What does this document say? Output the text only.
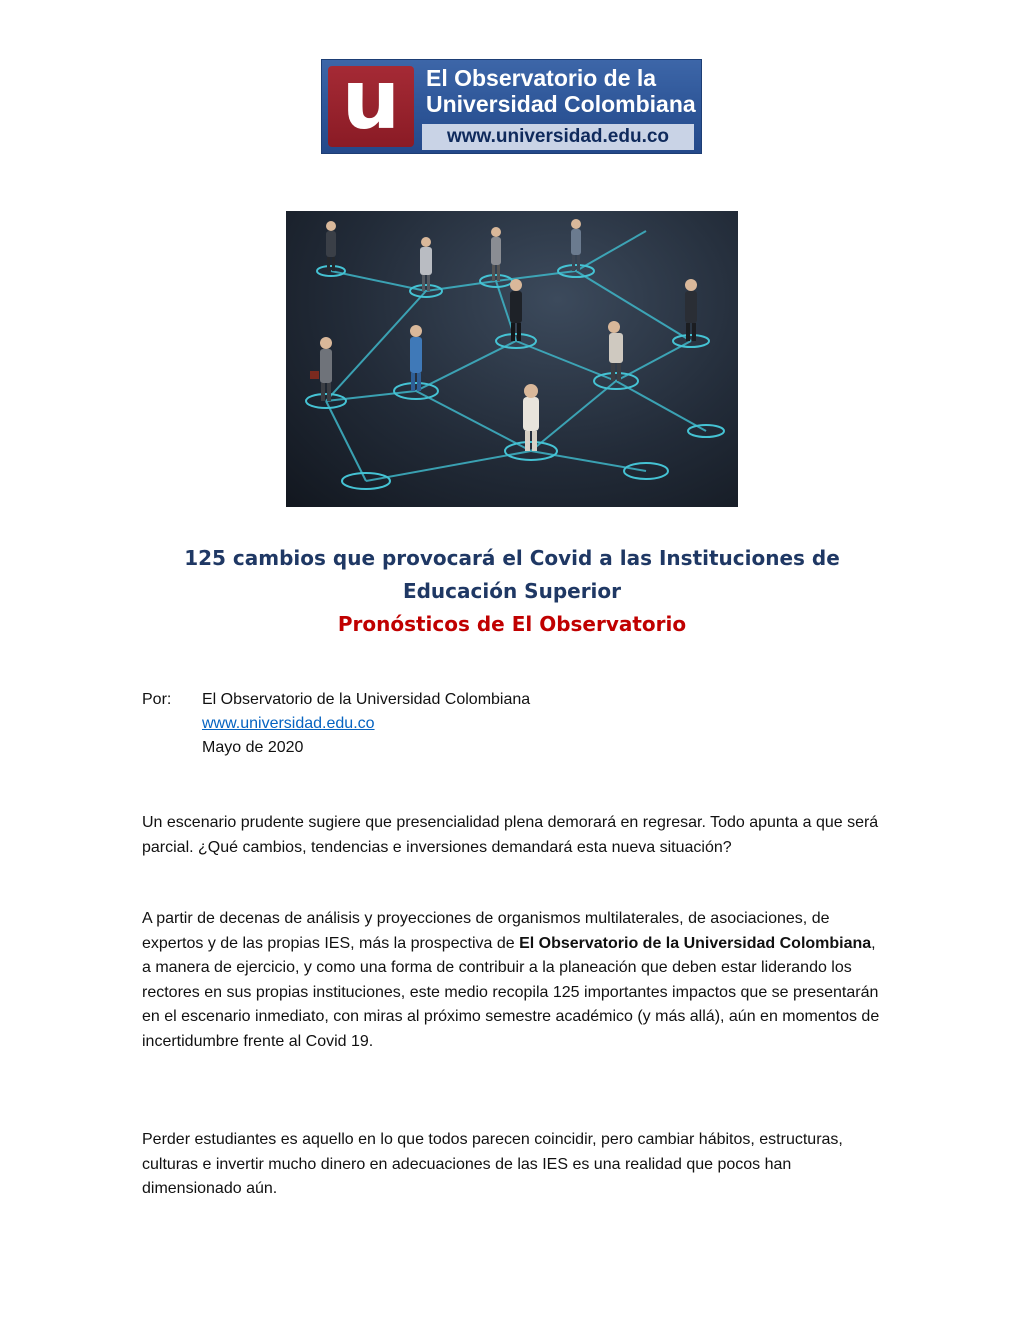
u	El Observatorio de la
Universidad Colombiana
www.universidad.edu.co
125 cambios que provocará el Covid a las Instituciones de
Educación Superior
Pronósticos de El Observatorio
Por: El Observatorio de la Universidad Colombiana
www.universidad.edu.co
Mayo de 2020

Un escenario prudente sugiere que presencialidad plena demorará en regresar. Todo apunta a que será parcial. ¿Qué cambios, tendencias e inversiones demandará esta nueva situación?

A partir de decenas de análisis y proyecciones de organismos multilaterales, de asociaciones, de expertos y de las propias IES, más la prospectiva de El Observatorio de la Universidad Colombiana, a manera de ejercicio, y como una forma de contribuir a la planeación que deben estar liderando los rectores en sus propias instituciones, este medio recopila 125 importantes impactos que se presentarán en el escenario inmediato, con miras al próximo semestre académico (y más allá), aún en momentos de incertidumbre frente al Covid 19.

Perder estudiantes es aquello en lo que todos parecen coincidir, pero cambiar hábitos, estructuras, culturas e invertir mucho dinero en adecuaciones de las IES es una realidad que pocos han dimensionado aún.
